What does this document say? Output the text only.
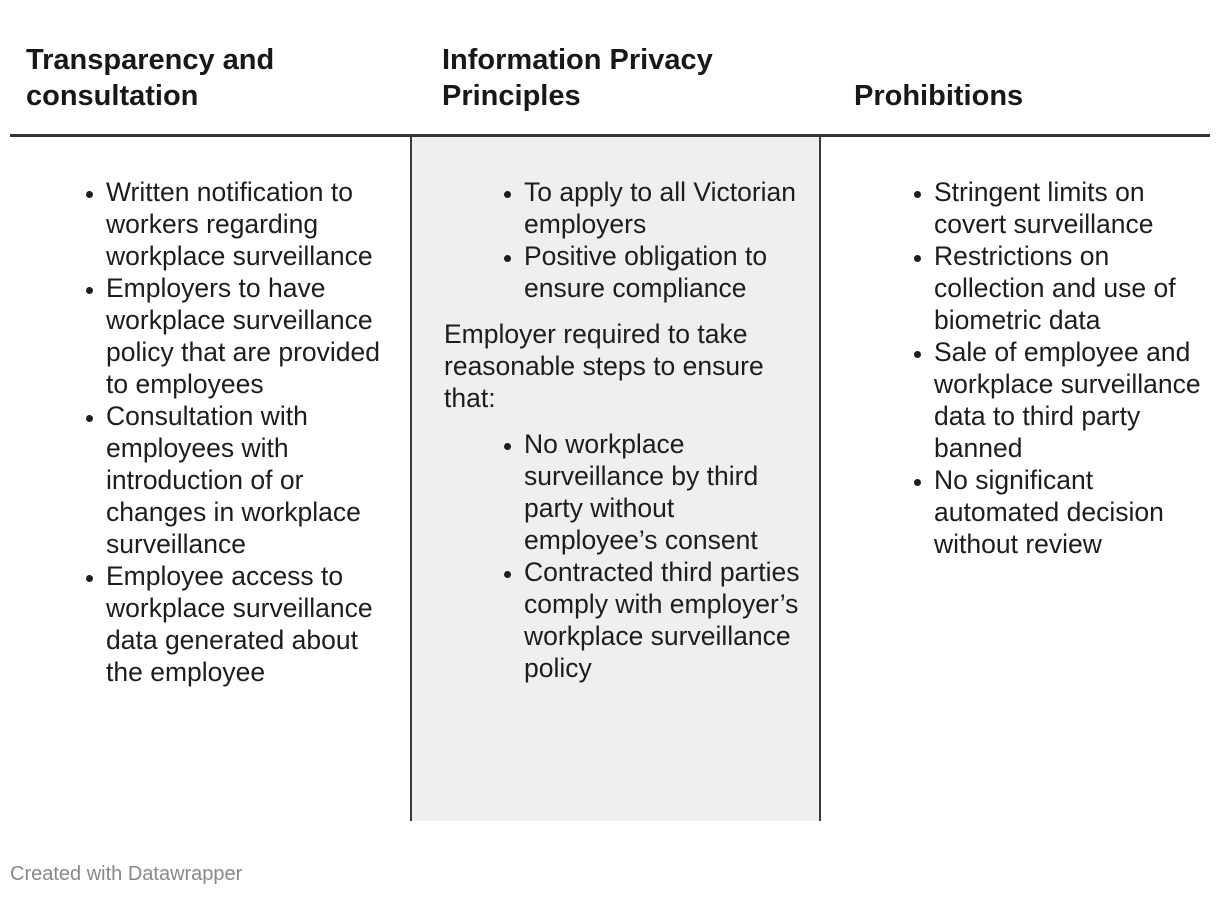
Transparency and consultation
Information Privacy Principles	Prohibitions
• Written notification to workers regarding workplace surveillance
• Employers to have workplace surveillance policy that are provided to employees
• Consultation with employees with introduction of or changes in workplace surveillance
• Employee access to workplace surveillance data generated about the employee
• To apply to all Victorian employers
• Positive obligation to ensure compliance

Employer required to take reasonable steps to ensure that:

• No workplace surveillance by third party without employee’s consent
• Contracted third parties comply with employer’s workplace surveillance policy
• Stringent limits on covert surveillance
• Restrictions on collection and use of biometric data
• Sale of employee and workplace surveillance data to third party banned
• No significant automated decision without review
Created with Datawrapper
